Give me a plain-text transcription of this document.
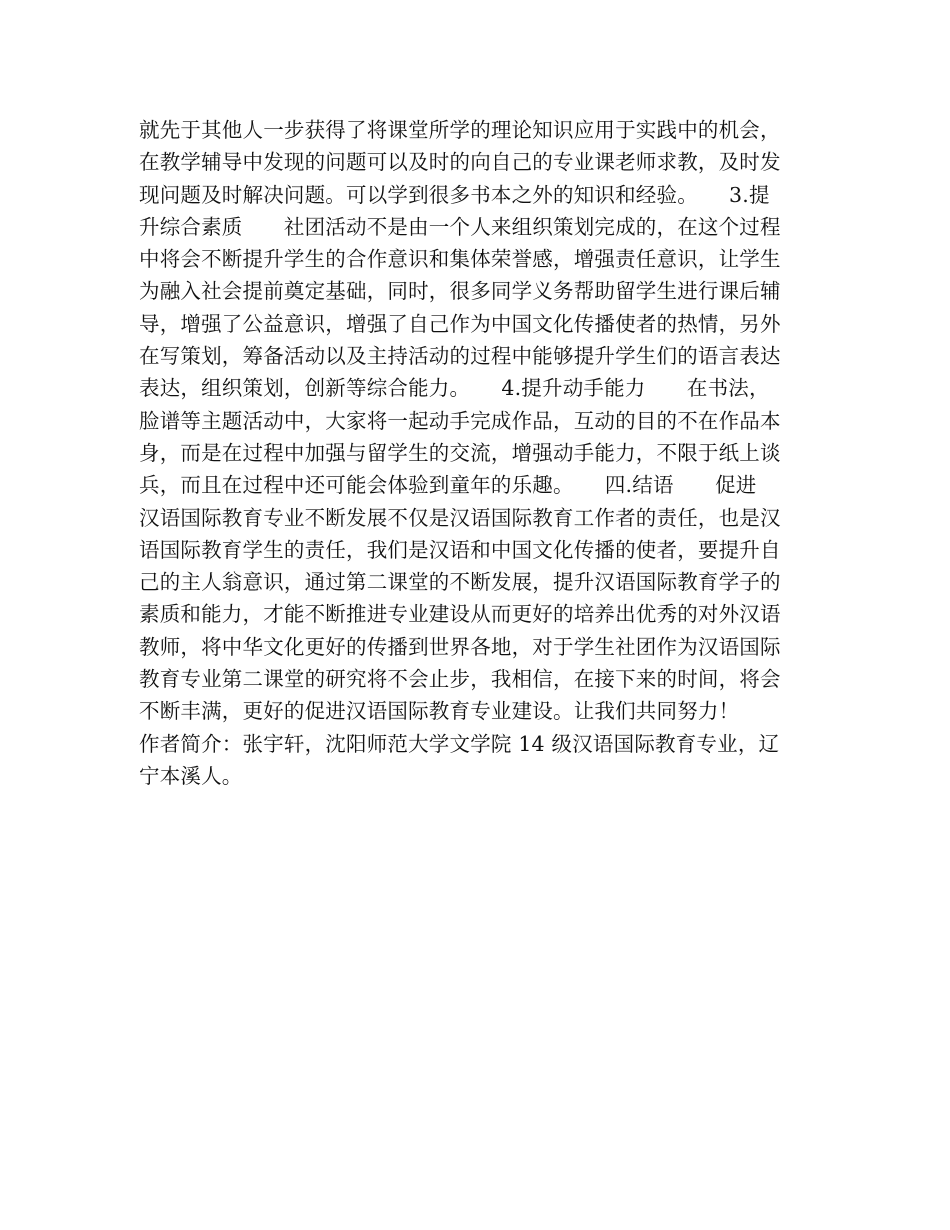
就先于其他人一步获得了将课堂所学的理论知识应用于实践中的机会，
在教学辅导中发现的问题可以及时的向自己的专业课老师求教，及时发
现问题及时解决问题。可以学到很多书本之外的知识和经验。　　3.提
升综合素质　　社团活动不是由一个人来组织策划完成的，在这个过程
中将会不断提升学生的合作意识和集体荣誉感，增强责任意识，让学生
为融入社会提前奠定基础，同时，很多同学义务帮助留学生进行课后辅
导，增强了公益意识，增强了自己作为中国文化传播使者的热情，另外
在写策划，筹备活动以及主持活动的过程中能够提升学生们的语言表达
表达，组织策划，创新等综合能力。　　4.提升动手能力　　在书法，
脸谱等主题活动中，大家将一起动手完成作品，互动的目的不在作品本
身，而是在过程中加强与留学生的交流，增强动手能力，不限于纸上谈
兵，而且在过程中还可能会体验到童年的乐趣。　　四.结语　　促进
汉语国际教育专业不断发展不仅是汉语国际教育工作者的责任，也是汉
语国际教育学生的责任，我们是汉语和中国文化传播的使者，要提升自
己的主人翁意识，通过第二课堂的不断发展，提升汉语国际教育学子的
素质和能力，才能不断推进专业建设从而更好的培养出优秀的对外汉语
教师，将中华文化更好的传播到世界各地，对于学生社团作为汉语国际
教育专业第二课堂的研究将不会止步，我相信，在接下来的时间，将会
不断丰满，更好的促进汉语国际教育专业建设。让我们共同努力！
作者简介：张宇轩，沈阳师范大学文学院 14 级汉语国际教育专业，辽
宁本溪人。
